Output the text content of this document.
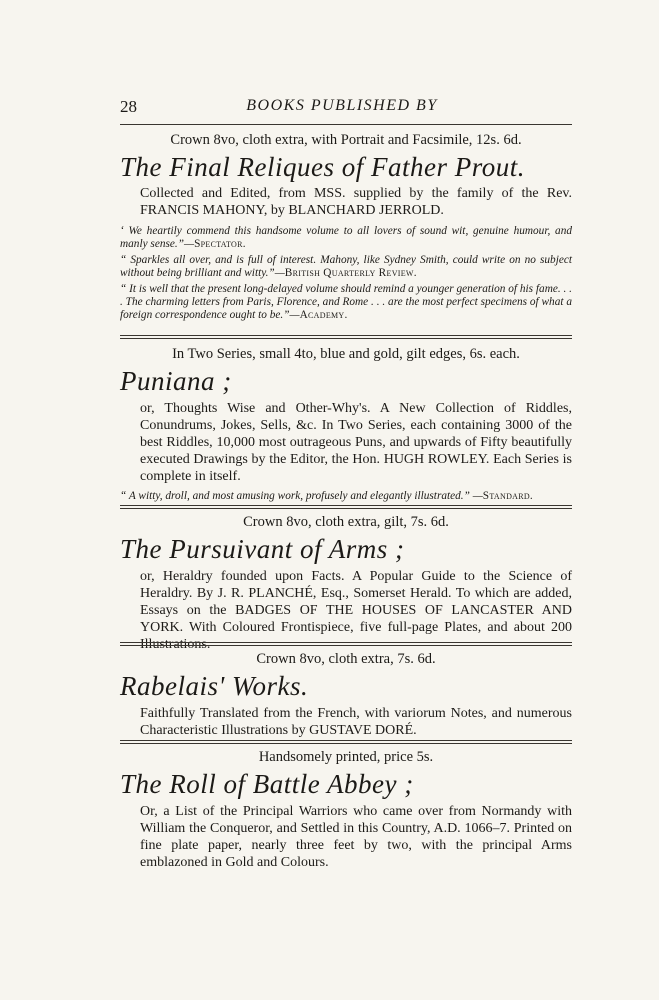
28	BOOKS PUBLISHED BY
Crown 8vo, cloth extra, with Portrait and Facsimile, 12s. 6d.
The Final Reliques of Father Prout.
Collected and Edited, from MSS. supplied by the family of the Rev. FRANCIS MAHONY, by BLANCHARD JERROLD.
‘ We heartily commend this handsome volume to all lovers of sound wit, genuine humour, and manly sense.”—Spectator.
“ Sparkles all over, and is full of interest. Mahony, like Sydney Smith, could write on no subject without being brilliant and witty.”—British Quarterly Review.
“ It is well that the present long-delayed volume should remind a younger generation of his fame. . . . The charming letters from Paris, Florence, and Rome . . . are the most perfect specimens of what a foreign correspondence ought to be.”—Academy.
In Two Series, small 4to, blue and gold, gilt edges, 6s. each.
Puniana ;
or, Thoughts Wise and Other-Why's. A New Collection of Riddles, Conundrums, Jokes, Sells, &c. In Two Series, each containing 3000 of the best Riddles, 10,000 most outrageous Puns, and upwards of Fifty beautifully executed Drawings by the Editor, the Hon. HUGH ROWLEY. Each Series is complete in itself.
“ A witty, droll, and most amusing work, profusely and elegantly illustrated.” —Standard.
Crown 8vo, cloth extra, gilt, 7s. 6d.
The Pursuivant of Arms ;
or, Heraldry founded upon Facts. A Popular Guide to the Science of Heraldry. By J. R. PLANCHÉ, Esq., Somerset Herald. To which are added, Essays on the BADGES OF THE HOUSES OF LANCASTER AND YORK. With Coloured Frontispiece, five full-page Plates, and about 200 Illustrations.
Crown 8vo, cloth extra, 7s. 6d.
Rabelais' Works.
Faithfully Translated from the French, with variorum Notes, and numerous Characteristic Illustrations by GUSTAVE DORÉ.
Handsomely printed, price 5s.
The Roll of Battle Abbey ;
Or, a List of the Principal Warriors who came over from Normandy with William the Conqueror, and Settled in this Country, A.D. 1066–7. Printed on fine plate paper, nearly three feet by two, with the principal Arms emblazoned in Gold and Colours.
